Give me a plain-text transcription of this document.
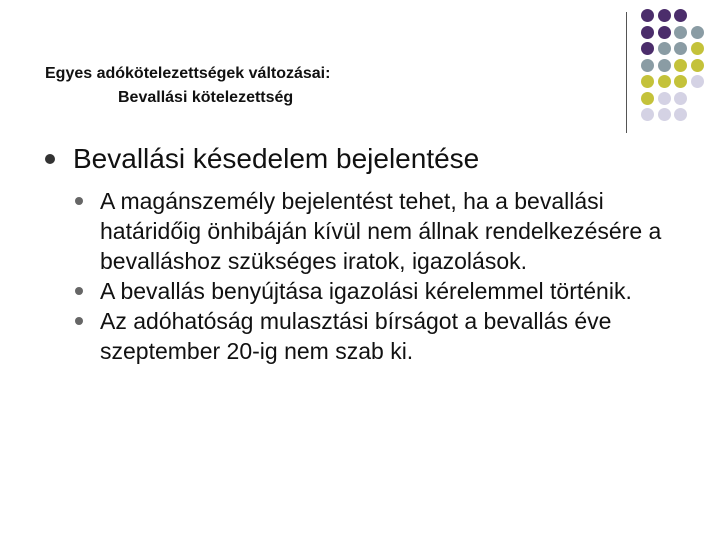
Egyes adókötelezettségek változásai:
Bevallási kötelezettség
Bevallási késedelem bejelentése
A magánszemély bejelentést tehet, ha a bevallási határidőig önhibáján kívül nem állnak rendelkezésére a bevalláshoz szükséges iratok, igazolások.
A bevallás benyújtása igazolási kérelemmel történik.
Az adóhatóság mulasztási bírságot a bevallás éve szeptember 20-ig nem szab ki.
